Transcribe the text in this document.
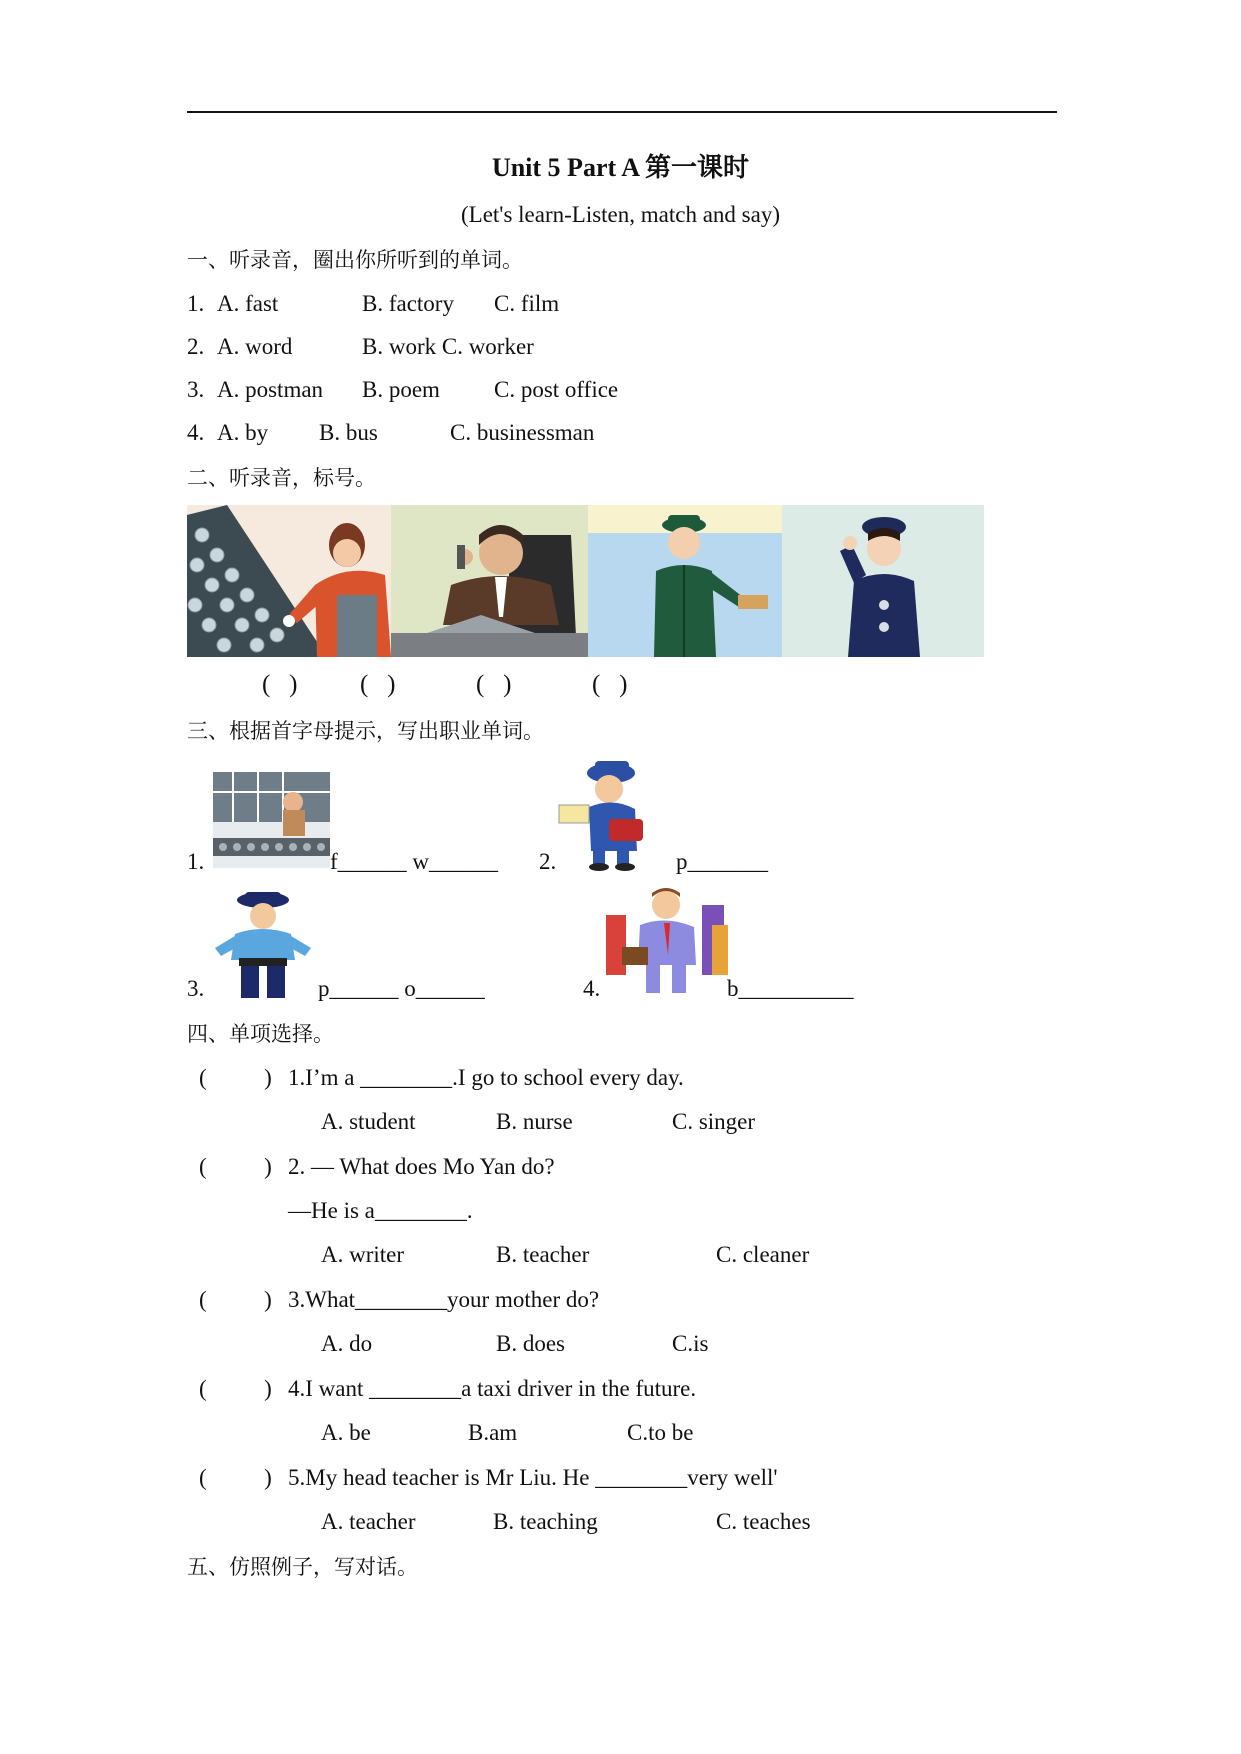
Unit 5 Part A 第一课时
(Let's learn-Listen, match and say)
一、听录音，圈出你所听到的单词。
1. A. fast	B. factory C. film
2. A. word	B. work C. worker
3. A. postman B. poem C. post office
4. A. by B. bus	C. businessman
二、听录音，标号。
(   )	(   )	(   )	(   )
三、根据首字母提示，写出职业单词。
1.	f______ w______ 2.	p_______
3.	p______ o______	4.	b__________
四、单项选择。
(          ) 1.I’m a ________.I go to school every day.
A. student	B. nurse	C. singer
(          ) 2. — What does Mo Yan do?
—He is a________.
A. writer	B. teacher	C. cleaner
(          ) 3.What________your mother do?
A. do	B. does	C.is
(          ) 4.I want ________a taxi driver in the future.
A. be	B.am	C.to be
(          ) 5.My head teacher is Mr Liu. He ________very well'
A. teacher	B. teaching	C. teaches
五、仿照例子，写对话。
